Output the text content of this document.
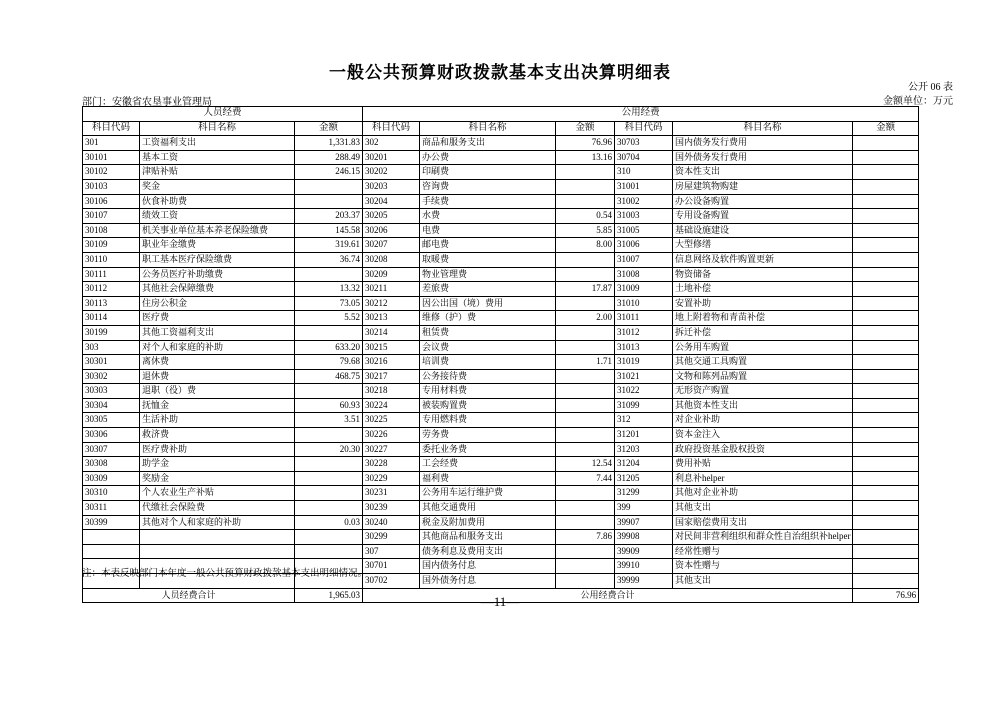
一般公共预算财政拨款基本支出决算明细表
公开 06 表
金额单位：万元
部门：安徽省农垦事业管理局
人员经费			公用经费					
科目代码	科目名称	金额	科目代码	科目名称	金额	科目代码	科目名称	金额
301	工资福利支出	1,331.83	302	商品和服务支出	76.96	30703	国内债务发行费用	
30101	基本工资	288.49	30201	办公费	13.16	30704	国外债务发行费用	
30102	津贴补贴	246.15	30202	印刷费		310	资本性支出	
30103	奖金		30203	咨询费		31001	房屋建筑物购建	
30106	伙食补助费		30204	手续费		31002	办公设备购置	
30107	绩效工资	203.37	30205	水费	0.54	31003	专用设备购置	
30108	机关事业单位基本养老保险缴费	145.58	30206	电费	5.85	31005	基础设施建设	
30109	职业年金缴费	319.61	30207	邮电费	8.00	31006	大型修缮	
30110	职工基本医疗保险缴费	36.74	30208	取暖费		31007	信息网络及软件购置更新	
30111	公务员医疗补助缴费		30209	物业管理费		31008	物资储备	
30112	其他社会保障缴费	13.32	30211	差旅费	17.87	31009	土地补偿	
30113	住房公积金	73.05	30212	因公出国（境）费用		31010	安置补助	
30114	医疗费	5.52	30213	维修（护）费	2.00	31011	地上附着物和青苗补偿	
30199	其他工资福利支出		30214	租赁费		31012	拆迁补偿	
303	对个人和家庭的补助	633.20	30215	会议费		31013	公务用车购置	
30301	离休费	79.68	30216	培训费	1.71	31019	其他交通工具购置	
30302	退休费	468.75	30217	公务接待费		31021	文物和陈列品购置	
30303	退职（役）费		30218	专用材料费		31022	无形资产购置	
30304	抚恤金	60.93	30224	被装购置费		31099	其他资本性支出	
30305	生活补助	3.51	30225	专用燃料费		312	对企业补助	
30306	救济费		30226	劳务费		31201	资本金注入	
30307	医疗费补助	20.30	30227	委托业务费		31203	政府投资基金股权投资	
30308	助学金		30228	工会经费	12.54	31204	费用补贴	
30309	奖励金		30229	福利费	7.44	31205	利息补helper	
30310	个人农业生产补贴		30231	公务用车运行维护费		31299	其他对企业补助	
30311	代缴社会保险费		30239	其他交通费用		399	其他支出	
30399	其他对个人和家庭的补助	0.03	30240	税金及附加费用		39907	国家赔偿费用支出	
			30299	其他商品和服务支出	7.86	39908	对民间非营利组织和群众性自治组织补helper	
			307	债务利息及费用支出		39909	经常性赠与	
			30701	国内债务付息		39910	资本性赠与	
			30702	国外债务付息		39999	其他支出	
人员经费合计		1,965.03	公用经费合计					76.96
注：本表反映部门本年度一般公共预算财政拨款基本支出明细情况。
—11—
